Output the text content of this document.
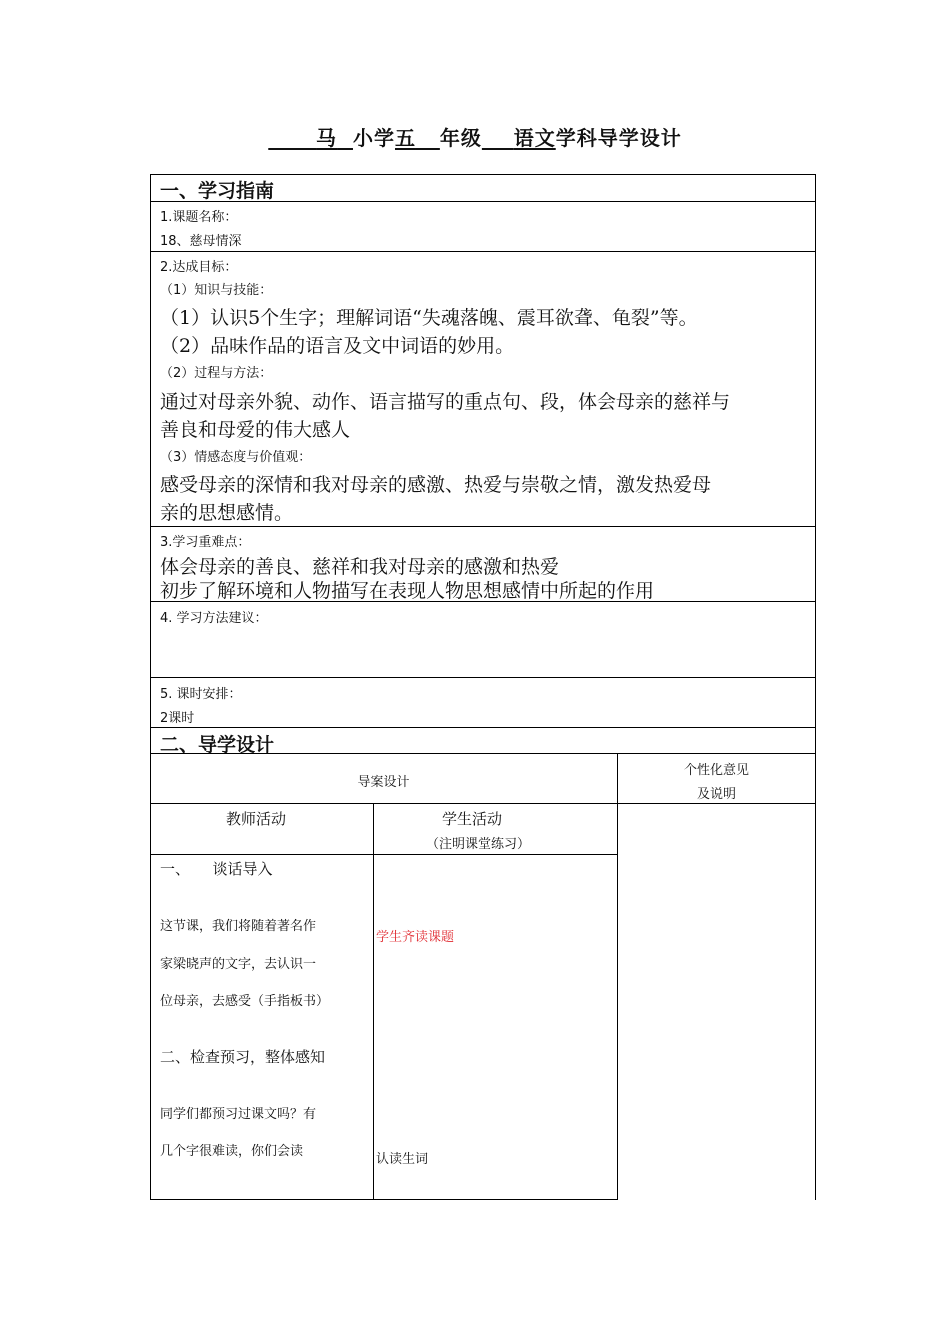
马 小学五 年级 语文学科导学设计
一、学习指南
1.课题名称：
18、慈母情深
2.达成目标：
（1）知识与技能：
（1）认识5个生字；理解词语“失魂落魄、震耳欲聋、龟裂”等。
（2）品味作品的语言及文中词语的妙用。
（2）过程与方法：
通过对母亲外貌、动作、语言描写的重点句、段，体会母亲的慈祥与
善良和母爱的伟大感人
（3）情感态度与价值观：
感受母亲的深情和我对母亲的感激、热爱与崇敬之情，激发热爱母
亲的思想感情。
3.学习重难点：
体会母亲的善良、慈祥和我对母亲的感激和热爱
初步了解环境和人物描写在表现人物思想感情中所起的作用
4. 学习方法建议：
5. 课时安排：
2课时
二、导学设计
导案设计
个性化意见
及说明
教师活动	学生活动
（注明课堂练习）
一、　　谈话导入
这节课，我们将随着著名作
家梁晓声的文字，去认识一
位母亲，去感受（手指板书）
二、检查预习，整体感知
同学们都预习过课文吗？有
几个字很难读，你们会读
学生齐读课题
认读生词
